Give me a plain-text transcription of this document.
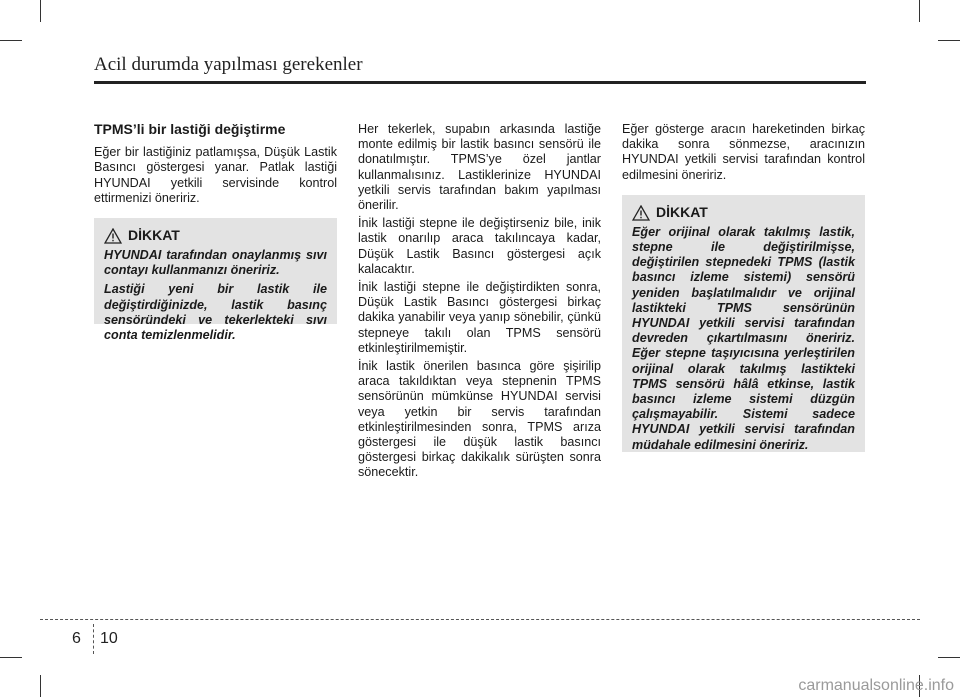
Acil durumda yapılması gerekenler
TPMS’li bir lastiği değiştirme

Eğer bir lastiğiniz patlamışsa, Düşük Lastik Basıncı göstergesi yanar. Patlak lastiği HYUNDAI yetkili servisinde kontrol ettirmenizi öneririz.

DİKKAT

HYUNDAI tarafından onaylanmış sıvı contayı kullanmanızı öneririz.

Lastiği yeni bir lastik ile değiştirdiğinizde, lastik basınç sensöründeki ve tekerlekteki sıvı conta temizlenmelidir.

Her tekerlek, supabın arkasında lastiğe monte edilmiş bir lastik basıncı sensörü ile donatılmıştır. TPMS’ye özel jantlar kullanmalısınız. Lastiklerinize HYUNDAI yetkili servis tarafından bakım yapılması önerilir.

İnik lastiği stepne ile değiştirseniz bile, inik lastik onarılıp araca takılıncaya kadar, Düşük Lastik Basıncı göstergesi açık kalacaktır.

İnik lastiği stepne ile değiştirdikten sonra, Düşük Lastik Basıncı göstergesi birkaç dakika yanabilir veya yanıp sönebilir, çünkü stepneye takılı olan TPMS sensörü etkinleştirilmemiştir.

İnik lastik önerilen basınca göre şişirilip araca takıldıktan veya stepnenin TPMS sensörünün mümkünse HYUNDAI servisi veya yetkin bir servis tarafından etkinleştirilmesinden sonra, TPMS arıza göstergesi ile düşük lastik basıncı göstergesi birkaç dakikalık sürüşten sonra sönecektir.

Eğer gösterge aracın hareketinden birkaç dakika sonra sönmezse, aracınızın HYUNDAI yetkili servisi tarafından kontrol edilmesini öneririz.

DİKKAT

Eğer orijinal olarak takılmış lastik, stepne ile değiştirilmişse, değiştirilen stepnedeki TPMS (lastik basıncı izleme sistemi) sensörü yeniden başlatılmalıdır ve orijinal lastikteki TPMS sensörünün HYUNDAI yetkili servisi tarafından devreden çıkartılmasını öneririz. Eğer stepne taşıyıcısına yerleştirilen orijinal olarak takılmış lastikteki TPMS sensörü hâlâ etkinse, lastik basıncı izleme sistemi düzgün çalışmayabilir. Sistemi sadece HYUNDAI yetkili servisi tarafından müdahale edilmesini öneririz.

6 10
carmanualsonline.info
